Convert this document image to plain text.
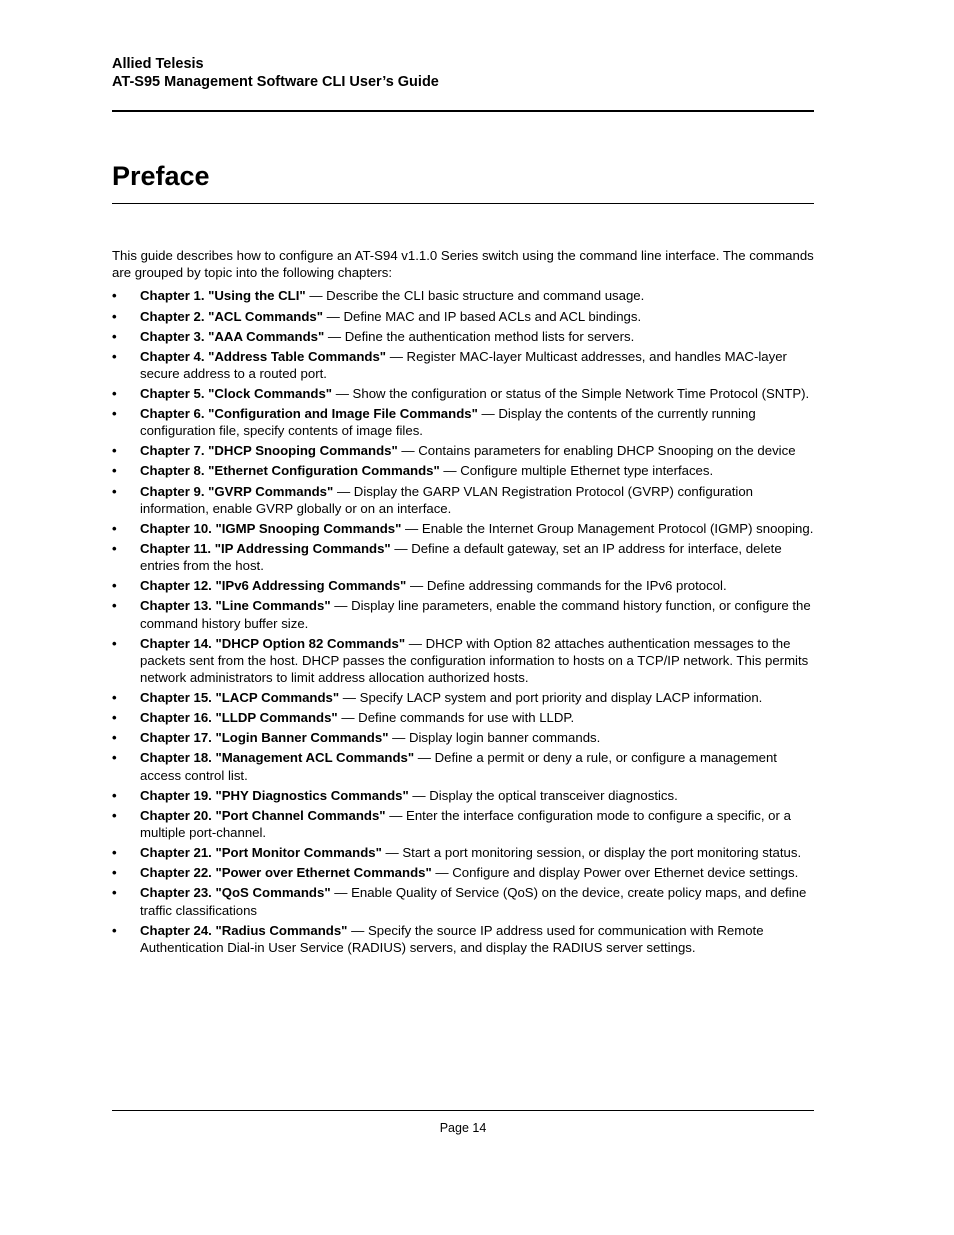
Allied Telesis
AT-S95 Management Software CLI User’s Guide
Preface

This guide describes how to configure an AT-S94 v1.1.0 Series switch using the command line interface. The commands are grouped by topic into the following chapters:

• Chapter 1. "Using the CLI" — Describe the CLI basic structure and command usage.
• Chapter 2. "ACL Commands" — Define MAC and IP based ACLs and ACL bindings.
• Chapter 3. "AAA Commands" — Define the authentication method lists for servers.
• Chapter 4. "Address Table Commands" — Register MAC-layer Multicast addresses, and handles MAC-layer secure address to a routed port.
• Chapter 5. "Clock Commands" — Show the configuration or status of the Simple Network Time Protocol (SNTP).
• Chapter 6. "Configuration and Image File Commands" — Display the contents of the currently running configuration file, specify contents of image files.
• Chapter 7. "DHCP Snooping Commands" — Contains parameters for enabling DHCP Snooping on the device
• Chapter 8. "Ethernet Configuration Commands" — Configure multiple Ethernet type interfaces.
• Chapter 9. "GVRP Commands" — Display the GARP VLAN Registration Protocol (GVRP) configuration information, enable GVRP globally or on an interface.
• Chapter 10. "IGMP Snooping Commands" — Enable the Internet Group Management Protocol (IGMP) snooping.
• Chapter 11. "IP Addressing Commands" — Define a default gateway, set an IP address for interface, delete entries from the host.
• Chapter 12. "IPv6 Addressing Commands" — Define addressing commands for the IPv6 protocol.
• Chapter 13. "Line Commands" — Display line parameters, enable the command history function, or configure the command history buffer size.
• Chapter 14. "DHCP Option 82 Commands" — DHCP with Option 82 attaches authentication messages to the packets sent from the host. DHCP passes the configuration information to hosts on a TCP/IP network. This permits network administrators to limit address allocation authorized hosts.
• Chapter 15. "LACP Commands" — Specify LACP system and port priority and display LACP information.
• Chapter 16. "LLDP Commands" — Define commands for use with LLDP.
• Chapter 17. "Login Banner Commands" — Display login banner commands.
• Chapter 18. "Management ACL Commands" — Define a permit or deny a rule, or configure a management access control list.
• Chapter 19. "PHY Diagnostics Commands" — Display the optical transceiver diagnostics.
• Chapter 20. "Port Channel Commands" — Enter the interface configuration mode to configure a specific, or a multiple port-channel.
• Chapter 21. "Port Monitor Commands" — Start a port monitoring session, or display the port monitoring status.
• Chapter 22. "Power over Ethernet Commands" — Configure and display Power over Ethernet device settings.
• Chapter 23. "QoS Commands" — Enable Quality of Service (QoS) on the device, create policy maps, and define traffic classifications
• Chapter 24. "Radius Commands" — Specify the source IP address used for communication with Remote Authentication Dial-in User Service (RADIUS) servers, and display the RADIUS server settings.
Page 14
